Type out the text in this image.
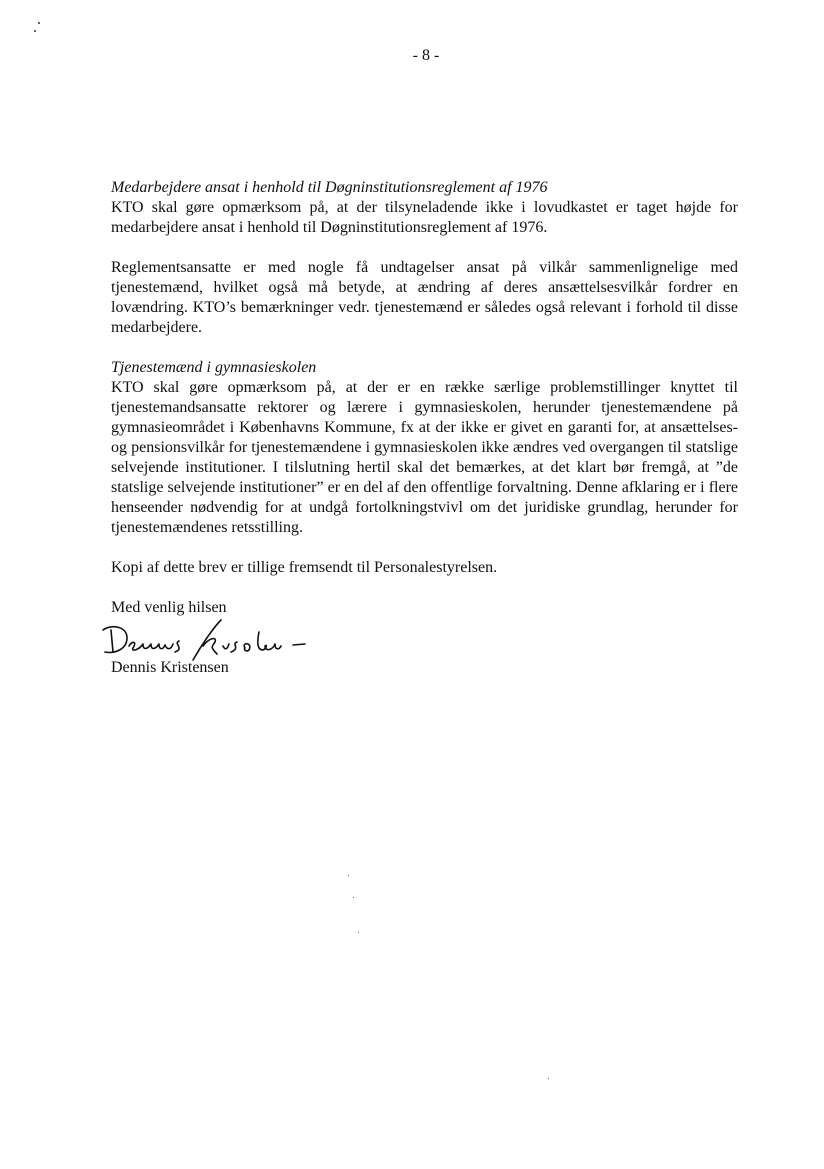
- 8 -

Medarbejdere ansat i henhold til Døgninstitutionsreglement af 1976

KTO skal gøre opmærksom på, at der tilsyneladende ikke i lovudkastet er taget højde for medarbejdere ansat i henhold til Døgninstitutionsreglement af 1976.

Reglementsansatte er med nogle få undtagelser ansat på vilkår sammenlignelige med tjenestemænd, hvilket også må betyde, at ændring af deres ansættelsesvilkår fordrer en lovændring. KTO’s bemærkninger vedr. tjenestemænd er således også relevant i forhold til disse medarbejdere.

Tjenestemænd i gymnasieskolen

KTO skal gøre opmærksom på, at der er en række særlige problemstillinger knyttet til tjenestemandsansatte rektorer og lærere i gymnasieskolen, herunder tjenestemændene på gymnasieområdet i Københavns Kommune, fx at der ikke er givet en garanti for, at ansættelses- og pensionsvilkår for tjenestemændene i gymnasieskolen ikke ændres ved overgangen til statslige selvejende institutioner. I tilslutning hertil skal det bemærkes, at det klart bør fremgå, at ”de statslige selvejende institutioner” er en del af den offentlige forvaltning. Denne afklaring er i flere henseender nødvendig for at undgå fortolkningstvivl om det juridiske grundlag, herunder for tjenestemændenes retsstilling.

Kopi af dette brev er tillige fremsendt til Personalestyrelsen.

Med venlig hilsen

Dennis Kristensen
